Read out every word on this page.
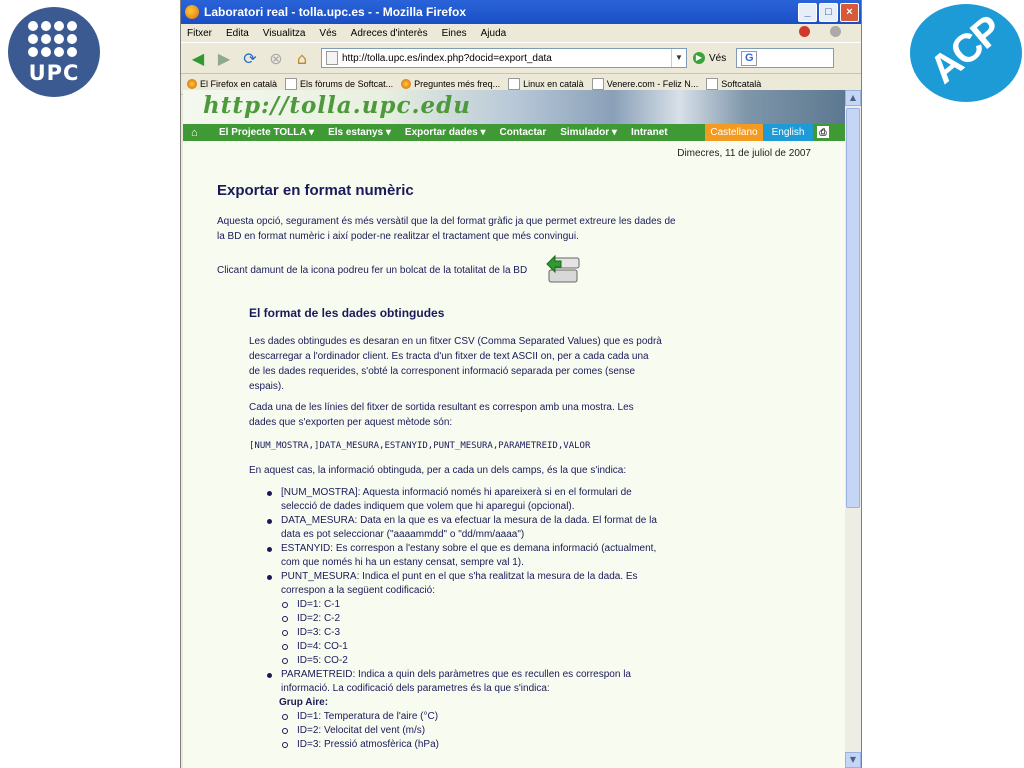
UPC	ACP
Laboratori real - tolla.upc.es - - Mozilla Firefox	_	□	×
Fitxer Edita Visualitza Vés Adreces d'interès Eines Ajuda
◀ ▶ ⟳ ⊗ ⌂	http://tolla.upc.es/index.php?docid=export_data	▼	▶ Vés	G
El Firefox en català	Els fòrums de Softcat... Preguntes més freq...	Linux en català	Venere.com - Feliz N...	Softcatalà
http://tolla.upc.edu
⌂	El Projecte TOLLA ▾ Els estanys ▾ Exportar dades ▾ Contactar Simulador ▾ Intranet	Castellano	English	⎙
Dimecres, 11 de juliol de 2007
Exportar en format numèric
Aquesta opció, segurament és més versàtil que la del format gràfic ja que permet extreure les dades de
la BD en format numèric i així poder-ne realitzar el tractament que més convingui.
Clicant damunt de la icona podreu fer un bolcat de la totalitat de la BD
El format de les dades obtingudes
Les dades obtingudes es desaran en un fitxer CSV (Comma Separated Values) que es podrà
descarregar a l'ordinador client. Es tracta d'un fitxer de text ASCII on, per a cada cada una
de les dades requerides, s'obté la corresponent informació separada per comes (sense
espais).
Cada una de les línies del fitxer de sortida resultant es correspon amb una mostra. Les
dades que s'exporten per aquest mètode són:
[NUM_MOSTRA,]DATA_MESURA,ESTANYID,PUNT_MESURA,PARAMETREID,VALOR
En aquest cas, la informació obtinguda, per a cada un dels camps, és la que s'indica:
[NUM_MOSTRA]: Aquesta informació només hi apareixerà si en el formulari de
selecció de dades indiquem que volem que hi aparegui (opcional).
DATA_MESURA: Data en la que es va efectuar la mesura de la dada. El format de la
data es pot seleccionar ("aaaammdd" o "dd/mm/aaaa")
ESTANYID: Es correspon a l'estany sobre el que es demana informació (actualment,
com que només hi ha un estany censat, sempre val 1).
PUNT_MESURA: Indica el punt en el que s'ha realitzat la mesura de la dada. Es
correspon a la següent codificació:
ID=1: C-1
ID=2: C-2
ID=3: C-3
ID=4: CO-1
ID=5: CO-2
PARAMETREID: Indica a quin dels paràmetres que es recullen es correspon la
informació. La codificació dels parametres és la que s'indica:
Grup Aire:
ID=1: Temperatura de l'aire (°C)
ID=2: Velocitat del vent (m/s)
ID=3: Pressió atmosfèrica (hPa)
▲
▼
